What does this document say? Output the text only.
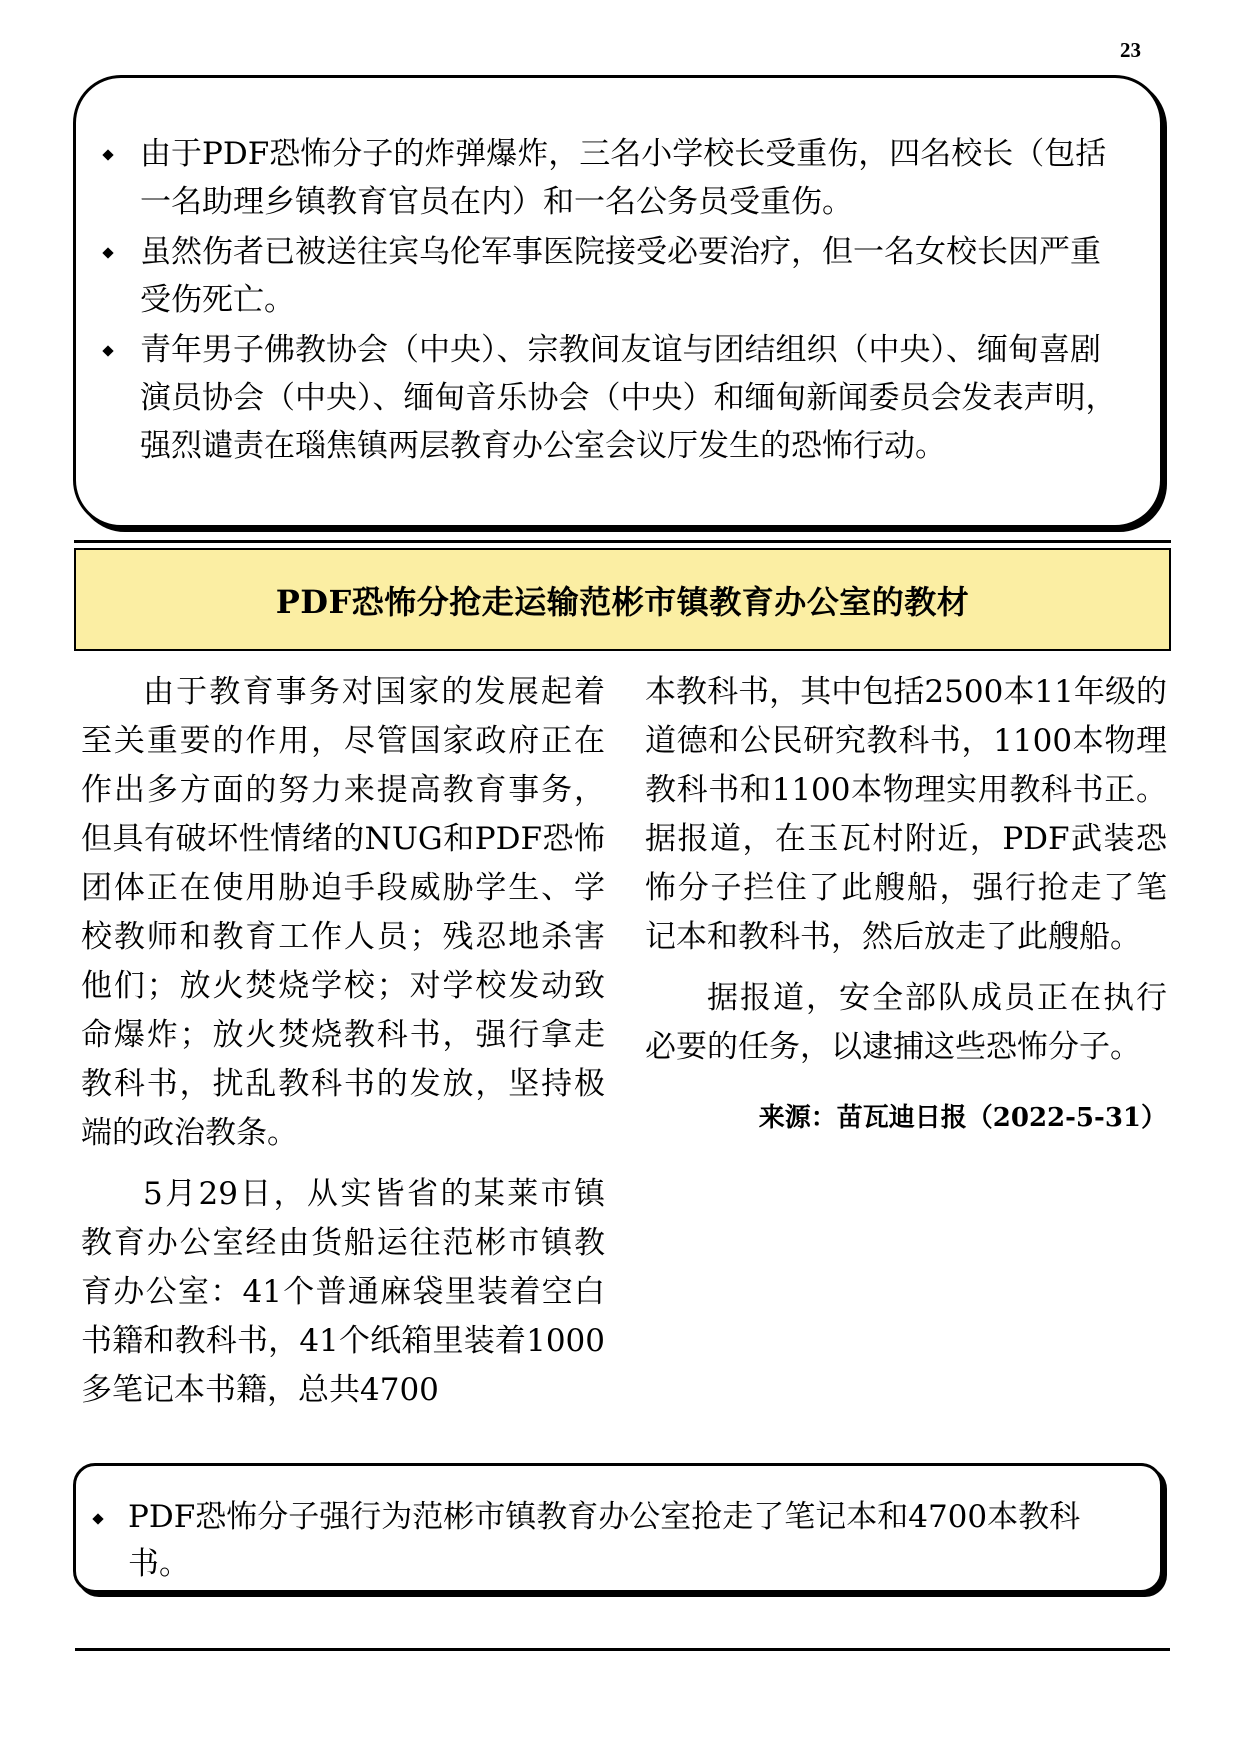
23
由于PDF恐怖分子的炸弹爆炸，三名小学校长受重伤，四名校长（包括一名助理乡镇教育官员在内）和一名公务员受重伤。
虽然伤者已被送往宾乌伦军事医院接受必要治疗，但一名女校长因严重受伤死亡。
青年男子佛教协会（中央）、宗教间友谊与团结组织（中央）、缅甸喜剧演员协会（中央）、缅甸音乐协会（中央）和缅甸新闻委员会发表声明，强烈谴责在瑙焦镇两层教育办公室会议厅发生的恐怖行动。
PDF恐怖分抢走运输范彬市镇教育办公室的教材

由于教育事务对国家的发展起着至关重要的作用，尽管国家政府正在作出多方面的努力来提高教育事务，但具有破坏性情绪的NUG和PDF恐怖团体正在使用胁迫手段威胁学生、学校教师和教育工作人员；残忍地杀害他们；放火焚烧学校；对学校发动致命爆炸；放火焚烧教科书，强行拿走教科书，扰乱教科书的发放，坚持极端的政治教条。

5月29日，从实皆省的某莱市镇教育办公室经由货船运往范彬市镇教育办公室：41个普通麻袋里装着空白书籍和教科书，41个纸箱里装着1000多笔记本书籍，总共4700

本教科书，其中包括2500本11年级的道德和公民研究教科书，1100本物理教科书和1100本物理实用教科书正。据报道，在玉瓦村附近，PDF武装恐怖分子拦住了此艘船，强行抢走了笔记本和教科书，然后放走了此艘船。

据报道，安全部队成员正在执行必要的任务，以逮捕这些恐怖分子。

来源：苗瓦迪日报（2022-5-31）
PDF恐怖分子强行为范彬市镇教育办公室抢走了笔记本和4700本教科书。
